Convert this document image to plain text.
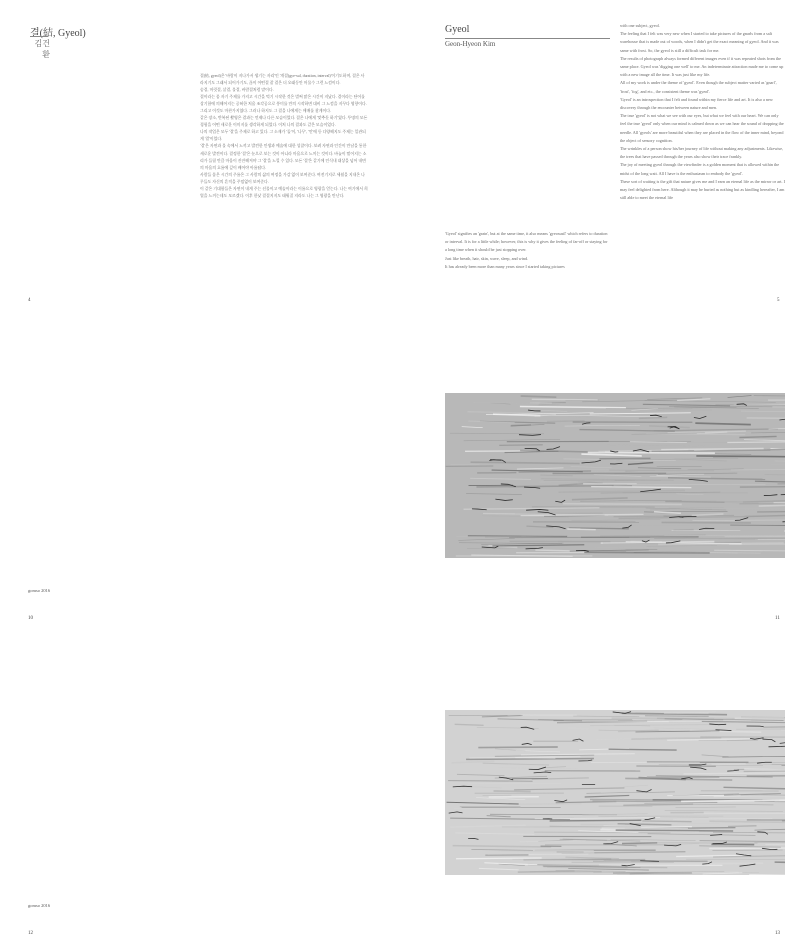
결(結, Gyeol)
김건환

결(結, gyeol)은 '바람이 지나가서 생기는 자리'인 '개결(gye-sul, duration, interval)'이기도하며, 결은 사라지기도 그래서 되어가기도, 끊이 어떤결 잘 결은 더 오래동안 머물수 그런 느낌이다.

숨결, 머릿결, 살결, 물결, 바람결처럼 말이다.

결이라는 몸 자기 주제를 가지고 시간을 먹기 시작한 것은 벌써 많은 시간이 지났다. 결이라는 단어를 상기함에 의해어지는 공허한 처음 조각공으로 풍미를 만의 시작하면 대비 그 느낌을 지꾸다 영향이다. 그리고 이것도 마찬가지였다. 그러나 하지도 그 결을 나에게는 애매를 찾게이다.

같은 장소, 반복된 촬영은 결과는 언제나 다른 모습이었다. 결은 나에게 '맞추듯 하기'였다. 투명의 모든 경험을 어떤 새로운 이미지를 생각하게 되었다. 이처 나의 결과도 같은 모습이었다.

나의 작업은 모두 '결'을 주제로 하고 있다. 그 소재가 '돌'이, '나무', '인'에 등 다양해지도 주제는 일관되게 '결'이었다.

'결'은 자연과 물 속에서 느끼고 발견한 인생과 예술에 대한 성찰이다. 보려 자연과 인간이 만남을 통한 새로운 발견이다. 결정한 '결'은 눈으로 보는 것이 아니라 마음으로 느끼는 것이다. 바늘이 떨어지는 소리가 들릴 만큼 마음이 잔잔해져야 그 '결'을 느낄 수 있다. 모든 '결'은 같기에 인식내 대상을 넘어 내면의 마음의 흐름에 깊이 배어야 아름답다.

사람들 몸은 시간의 주름은 그 사람의 삶의 여정을 가감 없이 보여준다. 여전기지로 세월을 지내온 나무들도 자신의 흔적을 꾸밈없이 보여준다.

이 같은 기대함들은 자연이 내게 주는 선물이고 예술이라는 이름으로 영광을 얻는다. 나는 여기에서 희열을 느끼는데도 모르겠다. 이후 한낮 결결지지도 태워질 지라도 나는 그 영광을 만난다.

Gyeol
Geon-Hyeon Kim

'Gyeol' signifies an 'grain', but at the same time, it also means 'gyeosusil' which refers to duration or interval. It is for a little while; however, this is why it gives the feeling of far-off or staying for a long time when it should be just stopping over.

Just like breath, hair, skin, wave, sleep, and wind.

It has already been more than many years since I started taking pictures

with one subject, gyeol.

The feeling that I felt was very new when I started to take pictures of the gnarls from a salt warehouse that is made out of woods, when I didn't get the exact meaning of gyeol. And it was same with frost. So, the gyeol is still a difficult task for me.

The results of photograph always formed different images even if it was repeated shots from the same place. Gyeol was 'digging one well' to me. An indeterminate attraction made me to come up with a new image all the time. It was just like my life.

All of my work is under the theme of 'gyeol'. Even though the subject matter varied as 'gnarl', 'frost', 'fog', and etc., the consistent theme was 'gyeol'.

'Gyeol' is an introspection that I felt and found within my fierce life and art. It is also a new discovery through the encounter between nature and men.

The true 'gyeol' is not what we see with our eyes, but what we feel with our heart. We can only feel the true 'gyeol' only when our mind is calmed down as we can hear the sound of dropping the needle. All 'gyeols' are more beautiful when they are placed in the flow of the inner mind, beyond the object of sensory cognition.

The wrinkles of a person show his/her journey of life without making any adjustments. Likewise, the trees that have passed through the years also show their trace frankly.

The joy of meeting gyeol through the viewfinder is a golden moment that is allowed within the midst of the long wait. All I have is the enthusiasm to embody the 'gyeol'.

These sort of waiting is the gift that nature gives me and I earn an eternal life as the mirror or art. I may feel delighted from here. Although it may be buried as nothing but as kindling hereafter, I am still able to meet the eternal life

4	5
gomso 2016
10	11
gomso 2016
12	13
